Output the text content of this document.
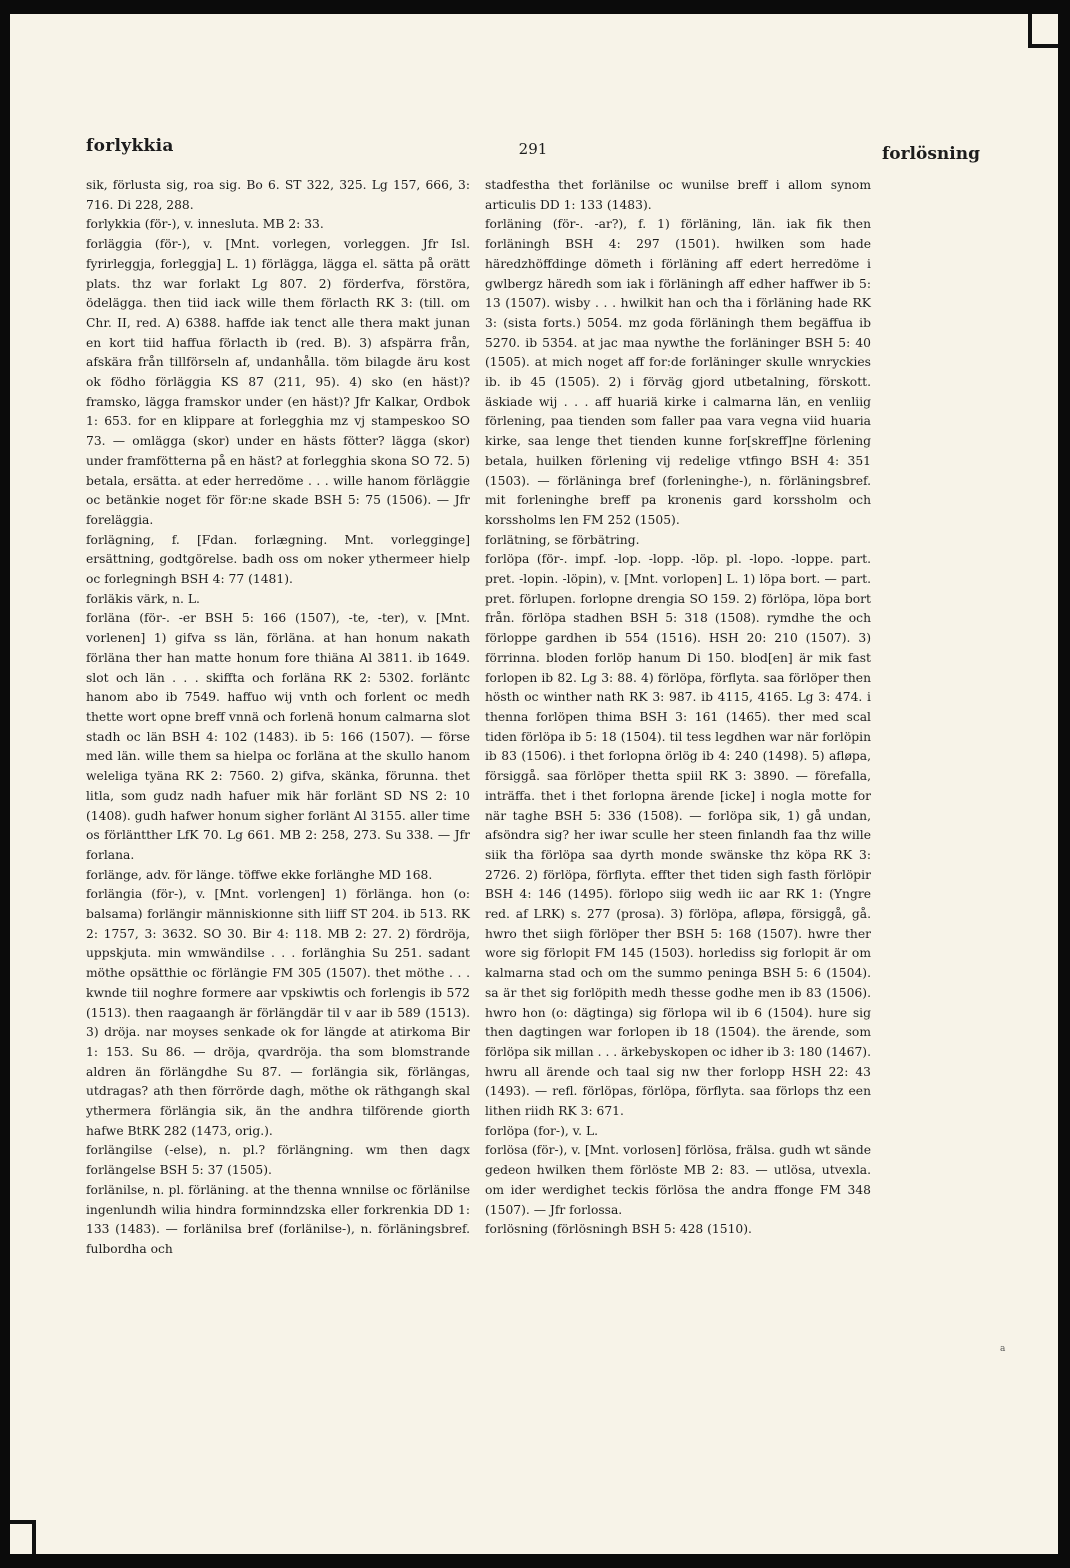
forlykkia	291	forlösning

sik, förlusta sig, roa sig. Bo 6. ST 322, 325. Lg 157, 666, 3: 716. Di 228, 288.

forlykkia (för-), v. innesluta. MB 2: 33.

forläggia (för-), v. [Mnt. vorlegen, vorleggen. Jfr Isl. fyrirleggja, forleggja] L. 1) förlägga, lägga el. sätta på orätt plats. thz war forlakt Lg 807. 2) förderfva, förstöra, ödelägga. then tiid iack wille them förlacth RK 3: (till. om Chr. II, red. A) 6388. haffde iak tenct alle thera makt junan en kort tiid haffua förlacth ib (red. B). 3) afspärra från, afskära från tillförseln af, undanhålla. töm bilagde äru kost ok födho förläggia KS 87 (211, 95). 4) sko (en häst)? framsko, lägga framskor under (en häst)? Jfr Kalkar, Ordbok 1: 653. for en klippare at forlegghia mz vj stampeskoo SO 73. — omlägga (skor) under en hästs fötter? lägga (skor) under framfötterna på en häst? at forlegghia skona SO 72. 5) betala, ersätta. at eder herredöme . . . wille hanom förläggie oc betänkie noget för för:ne skade BSH 5: 75 (1506). — Jfr foreläggia.

forlägning, f. [Fdan. forlægning. Mnt. vorlegginge] ersättning, godtgörelse. badh oss om noker ythermeer hielp oc forlegningh BSH 4: 77 (1481).

forläkis värk, n. L.

forläna (för-. -er BSH 5: 166 (1507), -te, -ter), v. [Mnt. vorlenen] 1) gifva ss län, förläna. at han honum nakath förläna ther han matte honum fore thiäna Al 3811. ib 1649. slot och län . . . skiffta och forläna RK 2: 5302. forläntc hanom abo ib 7549. haffuo wij vnth och forlent oc medh thette wort opne breff vnnä och forlenä honum calmarna slot stadh oc län BSH 4: 102 (1483). ib 5: 166 (1507). — förse med län. wille them sa hielpa oc forläna at the skullo hanom weleliga tyäna RK 2: 7560. 2) gifva, skänka, förunna. thet litla, som gudz nadh hafuer mik här forlänt SD NS 2: 10 (1408). gudh hafwer honum sigher forlänt Al 3155. aller time os förläntther LfK 70. Lg 661. MB 2: 258, 273. Su 338. — Jfr forlana.

forlänge, adv. för länge. töffwe ekke forlänghe MD 168.

forlängia (för-), v. [Mnt. vorlengen] 1) förlänga. hon (o: balsama) forlängir människionne sith liiff ST 204. ib 513. RK 2: 1757, 3: 3632. SO 30. Bir 4: 118. MB 2: 27. 2) fördröja, uppskjuta. min wmwändilse . . . forlänghia Su 251. sadant möthe opsätthie oc förlängie FM 305 (1507). thet möthe . . . kwnde tiil noghre formere aar vpskiwtis och forlengis ib 572 (1513). then raagaangh är förlängdär til v aar ib 589 (1513). 3) dröja. nar moyses senkade ok for längde at atirkoma Bir 1: 153. Su 86. — dröja, qvardröja. tha som blomstrande aldren än förlängdhe Su 87. — forlängia sik, förlängas, utdragas? ath then förrörde dagh, möthe ok räthgangh skal ythermera förlängia sik, än the andhra tilförende giorth hafwe BtRK 282 (1473, orig.).

forlängilse (-else), n. pl.? förlängning. wm then dagx forlängelse BSH 5: 37 (1505).

forlänilse, n. pl. förläning. at the thenna wnnilse oc förlänilse ingenlundh wilia hindra forminndzska eller forkrenkia DD 1: 133 (1483). — forlänilsa bref (forlänilse-), n. förläningsbref. fulbordha och

stadfestha thet forlänilse oc wunilse breff i allom synom articulis DD 1: 133 (1483).

forläning (för-. -ar?), f. 1) förläning, län. iak fik then forläningh BSH 4: 297 (1501). hwilken som hade häredzhöffdinge dömeth i förläning aff edert herredöme i gwlbergz häredh som iak i förläningh aff edher haffwer ib 5: 13 (1507). wisby . . . hwilkit han och tha i förläning hade RK 3: (sista forts.) 5054. mz goda förläningh them begäffua ib 5270. ib 5354. at jac maa nywthe the forläninger BSH 5: 40 (1505). at mich noget aff for:de forläninger skulle wnryckies ib. ib 45 (1505). 2) i förväg gjord utbetalning, förskott. äskiade wij . . . aff huariä kirke i calmarna län, en venliig förlening, paa tienden som faller paa vara vegna viid huaria kirke, saa lenge thet tienden kunne for[skreff]ne förlening betala, huilken förlening vij redelige vtfingo BSH 4: 351 (1503). — förläninga bref (forleninghe-), n. förläningsbref. mit forleninghe breff pa kronenis gard korssholm och korssholms len FM 252 (1505).

forlätning, se förbätring.

forlöpa (för-. impf. -lop. -lopp. -löp. pl. -lopo. -loppe. part. pret. -lopin. -löpin), v. [Mnt. vorlopen] L. 1) löpa bort. — part. pret. förlupen. forlopne drengia SO 159. 2) förlöpa, löpa bort från. förlöpa stadhen BSH 5: 318 (1508). rymdhe the och förloppe gardhen ib 554 (1516). HSH 20: 210 (1507). 3) förrinna. bloden forlöp hanum Di 150. blod[en] är mik fast forlopen ib 82. Lg 3: 88. 4) förlöpa, förflyta. saa förlöper then hösth oc winther nath RK 3: 987. ib 4115, 4165. Lg 3: 474. i thenna forlöpen thima BSH 3: 161 (1465). ther med scal tiden förlöpa ib 5: 18 (1504). til tess legdhen war när forlöpin ib 83 (1506). i thet forlopna örlög ib 4: 240 (1498). 5) afløpa, försiggå. saa förlöper thetta spiil RK 3: 3890. — förefalla, inträffa. thet i thet forlopna ärende [icke] i nogla motte for när taghe BSH 5: 336 (1508). — forlöpa sik, 1) gå undan, afsöndra sig? her iwar sculle her steen finlandh faa thz wille siik tha förlöpa saa dyrth monde swänske thz köpa RK 3: 2726. 2) förlöpa, förflyta. effter thet tiden sigh fasth förlöpir BSH 4: 146 (1495). förlopo siig wedh iic aar RK 1: (Yngre red. af LRK) s. 277 (prosa). 3) förlöpa, afløpa, försiggå, gå. hwro thet siigh förlöper ther BSH 5: 168 (1507). hwre ther wore sig förlopit FM 145 (1503). horlediss sig forlopit är om kalmarna stad och om the summo peninga BSH 5: 6 (1504). sa är thet sig forlöpith medh thesse godhe men ib 83 (1506). hwro hon (o: dägtinga) sig förlopa wil ib 6 (1504). hure sig then dagtingen war forlopen ib 18 (1504). the ärende, som förlöpa sik millan . . . ärkebyskopen oc idher ib 3: 180 (1467). hwru all ärende och taal sig nw ther forlopp HSH 22: 43 (1493). — refl. förlöpas, förlöpa, förflyta. saa förlops thz een lithen riidh RK 3: 671.

forlöpa (for-), v. L.

forlösa (för-), v. [Mnt. vorlosen] förlösa, frälsa. gudh wt sände gedeon hwilken them förlöste MB 2: 83. — utlösa, utvexla. om ider werdighet teckis förlösa the andra ffonge FM 348 (1507). — Jfr forlossa.

forlösning (förlösningh BSH 5: 428 (1510).

a
